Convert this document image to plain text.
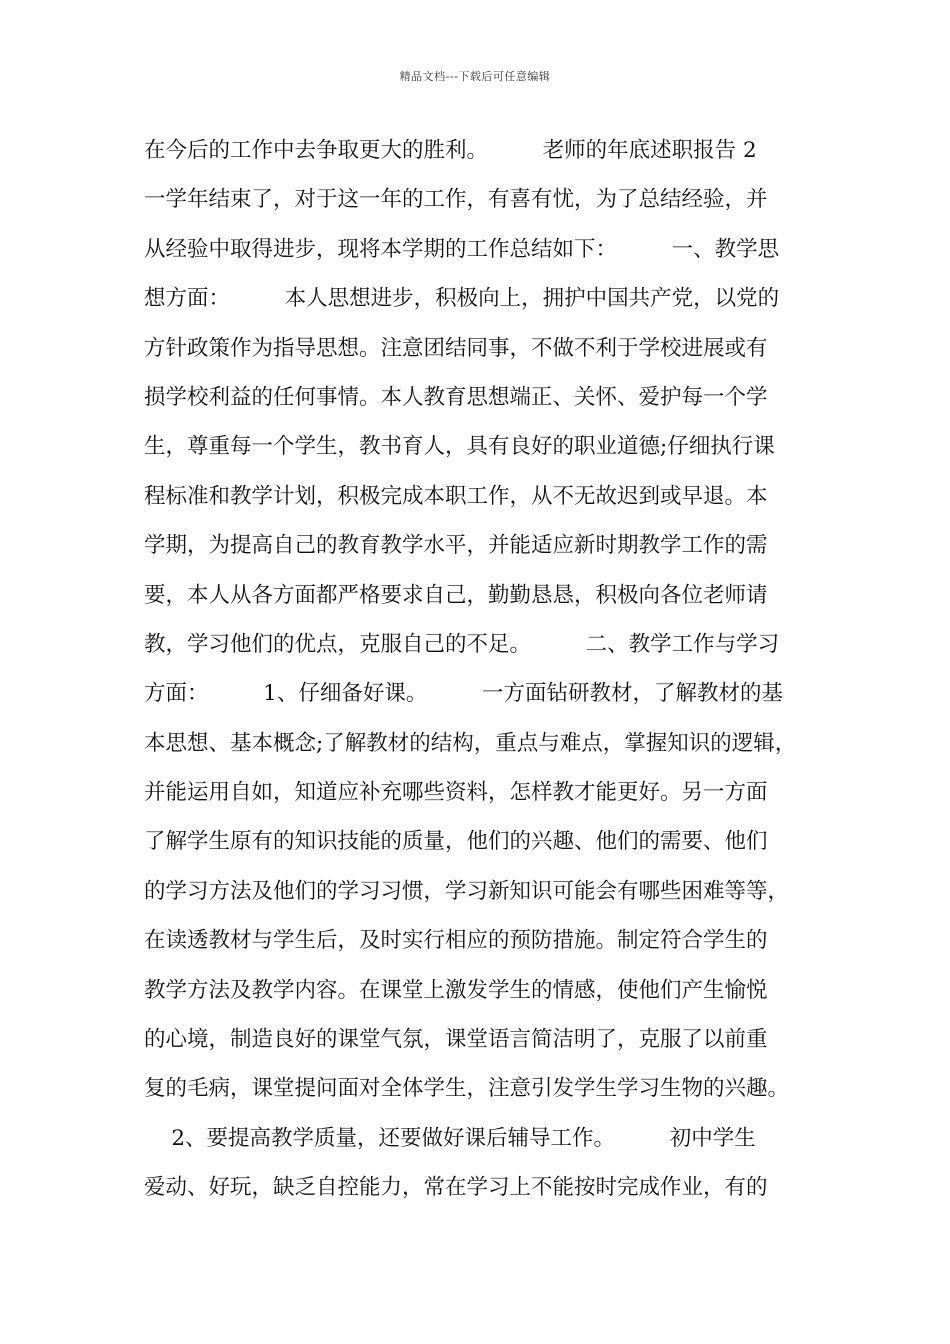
精品文档---下载后可任意编辑
在今后的工作中去争取更大的胜利。        老师的年底述职报告 2
一学年结束了，对于这一年的工作，有喜有忧，为了总结经验，并
从经验中取得进步，现将本学期的工作总结如下：        一、教学思
想方面：        本人思想进步，积极向上，拥护中国共产党，以党的
方针政策作为指导思想。注意团结同事，不做不利于学校进展或有
损学校利益的任何事情。本人教育思想端正、关怀、爱护每一个学
生，尊重每一个学生，教书育人，具有良好的职业道德;仔细执行课
程标准和教学计划，积极完成本职工作，从不无故迟到或早退。本
学期，为提高自己的教育教学水平，并能适应新时期教学工作的需
要，本人从各方面都严格要求自己，勤勤恳恳，积极向各位老师请
教，学习他们的优点，克服自己的不足。        二、教学工作与学习
方面：        1、仔细备好课。        一方面钻研教材，了解教材的基
本思想、基本概念;了解教材的结构，重点与难点，掌握知识的逻辑，
并能运用自如，知道应补充哪些资料，怎样教才能更好。另一方面
了解学生原有的知识技能的质量，他们的兴趣、他们的需要、他们
的学习方法及他们的学习习惯，学习新知识可能会有哪些困难等等，
在读透教材与学生后，及时实行相应的预防措施。制定符合学生的
教学方法及教学内容。在课堂上激发学生的情感，使他们产生愉悦
的心境，制造良好的课堂气氛，课堂语言简洁明了，克服了以前重
复的毛病，课堂提问面对全体学生，注意引发学生学习生物的兴趣。
2、要提高教学质量，还要做好课后辅导工作。        初中学生
爱动、好玩，缺乏自控能力，常在学习上不能按时完成作业，有的
